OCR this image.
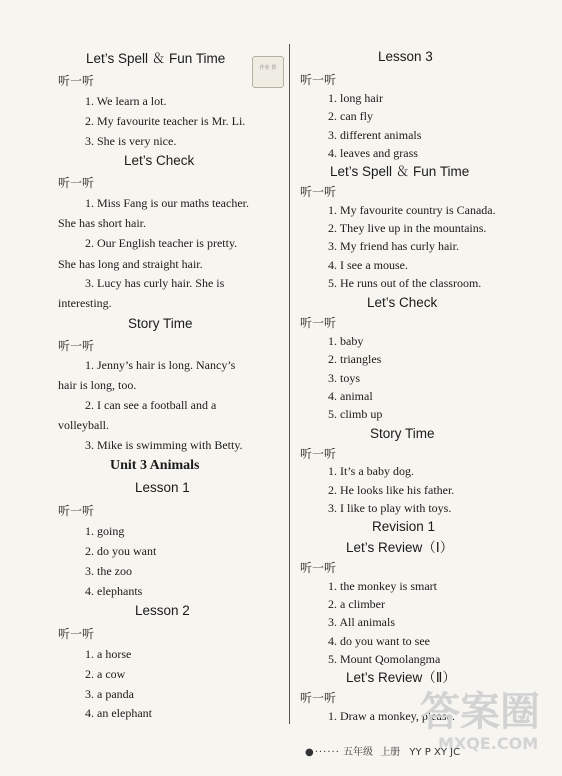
作业 帮
Let’s Spell ＆ Fun Time
听一听
1. We learn a lot.
2. My favourite teacher is Mr. Li.
3. She is very nice.
Let’s Check
听一听
1. Miss Fang is our maths teacher.
She has short hair.
2. Our English teacher is pretty.
She has long and straight hair.
3. Lucy has curly hair. She is
interesting.
Story Time
听一听
1. Jenny’s hair is long. Nancy’s
hair is long, too.
2. I can see a football and a
volleyball.
3. Mike is swimming with Betty.
Unit 3 Animals
Lesson 1
听一听
1. going
2. do you want
3. the zoo
4. elephants
Lesson 2
听一听
1. a horse
2. a cow
3. a panda
4. an elephant
Lesson 3
听一听
1. long hair
2. can fly
3. different animals
4. leaves and grass
Let’s Spell ＆ Fun Time
听一听
1. My favourite country is Canada.
2. They live up in the mountains.
3. My friend has curly hair.
4. I see a mouse.
5. He runs out of the classroom.
Let’s Check
听一听
1. baby
2. triangles
3. toys
4. animal
5. climb up
Story Time
听一听
1. It’s a baby dog.
2. He looks like his father.
3. I like to play with toys.
Revision 1
Let’s Review（Ⅰ）
听一听
1. the monkey is smart
2. a climber
3. All animals
4. do you want to see
5. Mount Qomolangma
Let’s Review（Ⅱ）
听一听
1. Draw a monkey, please.
答案圈
MXQE.COM
●······ 五年级 上册 YY P XY JC
